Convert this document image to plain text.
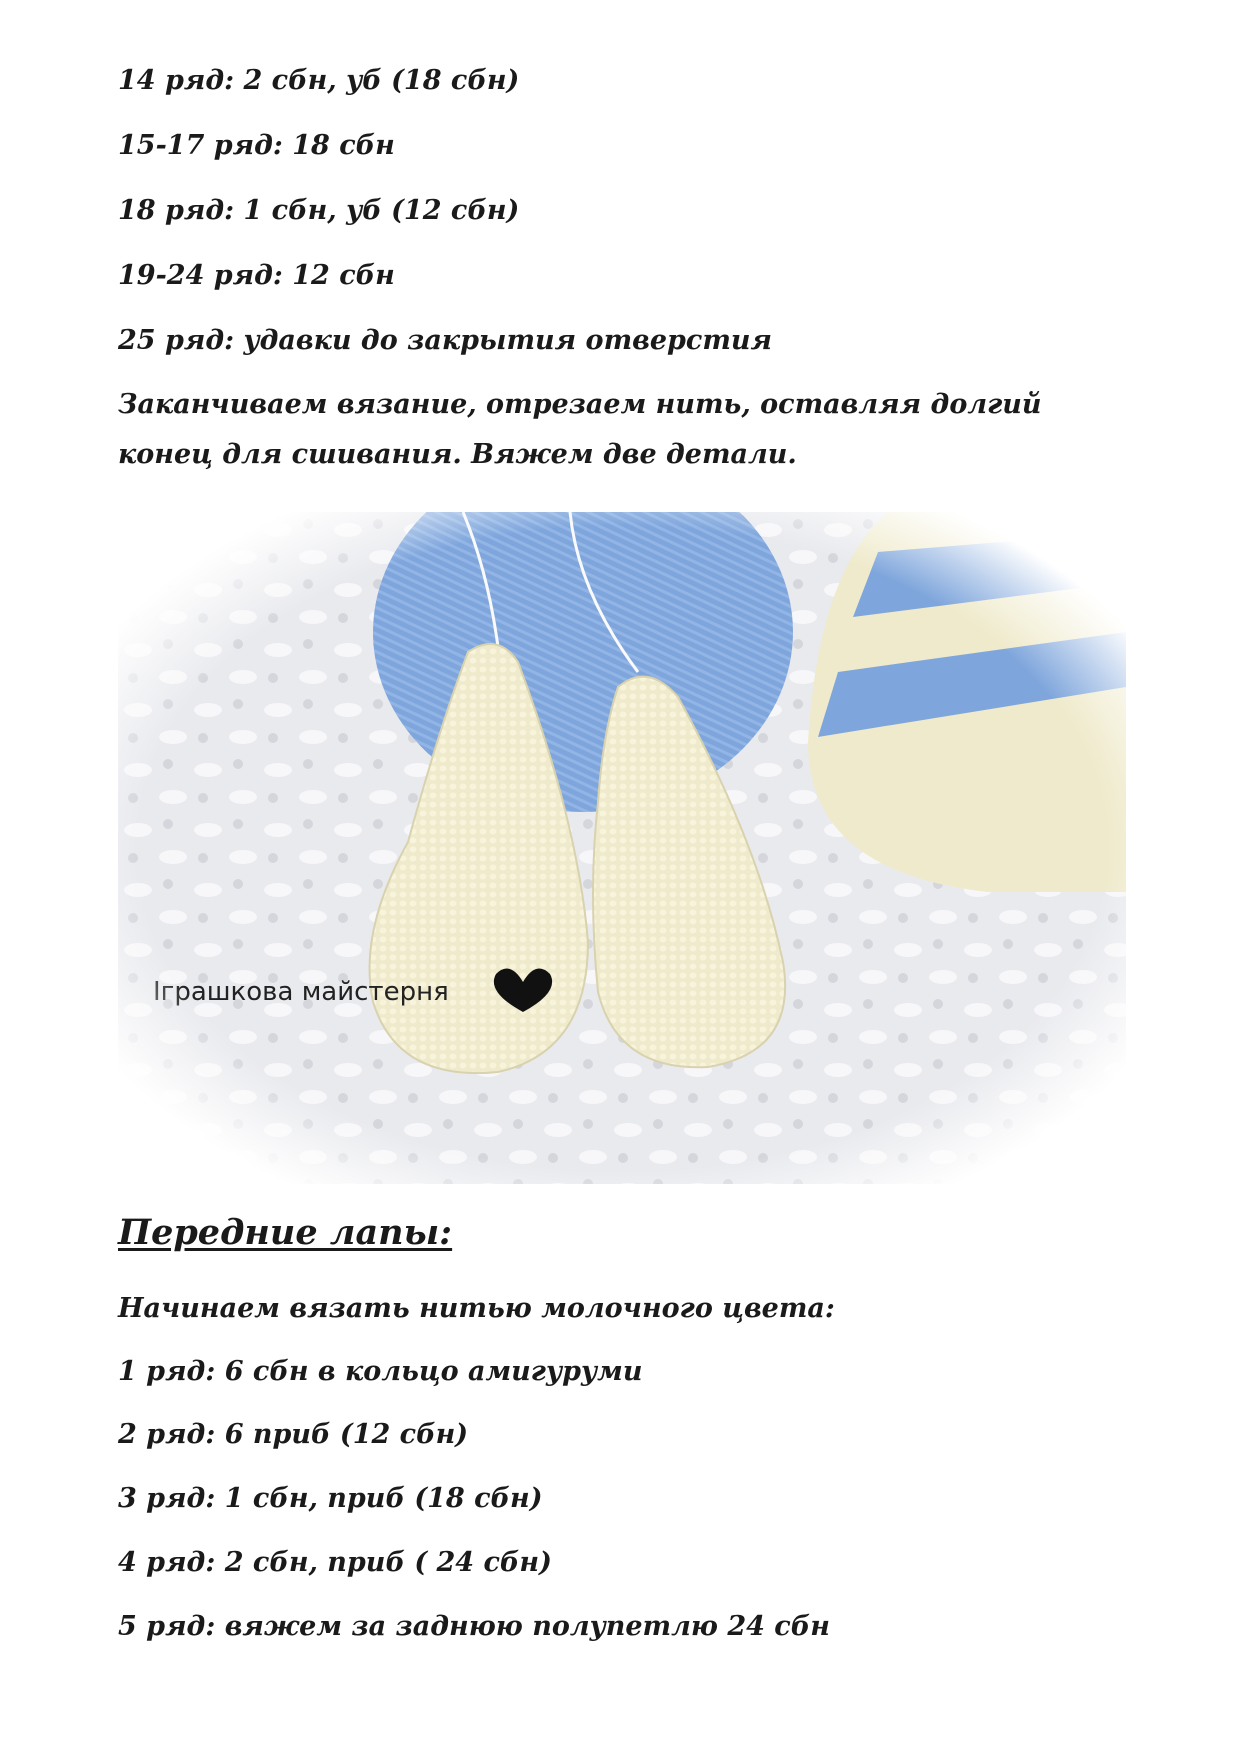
14 ряд: 2 сбн, уб (18 сбн)

15-17 ряд: 18 сбн

18 ряд: 1 сбн, уб (12 сбн)

19-24 ряд: 12 сбн

25 ряд: удавки до закрытия отверстия

Заканчиваем вязание, отрезаем нить, оставляя долгий конец для сшивания. Вяжем две детали.

Передние лапы:

Начинаем вязать нитью молочного цвета:

1 ряд: 6 сбн в кольцо амигуруми

2 ряд: 6 приб (12 сбн)

3 ряд: 1 сбн, приб (18 сбн)

4 ряд: 2 сбн, приб ( 24 сбн)

5 ряд: вяжем за заднюю полупетлю 24 сбн
